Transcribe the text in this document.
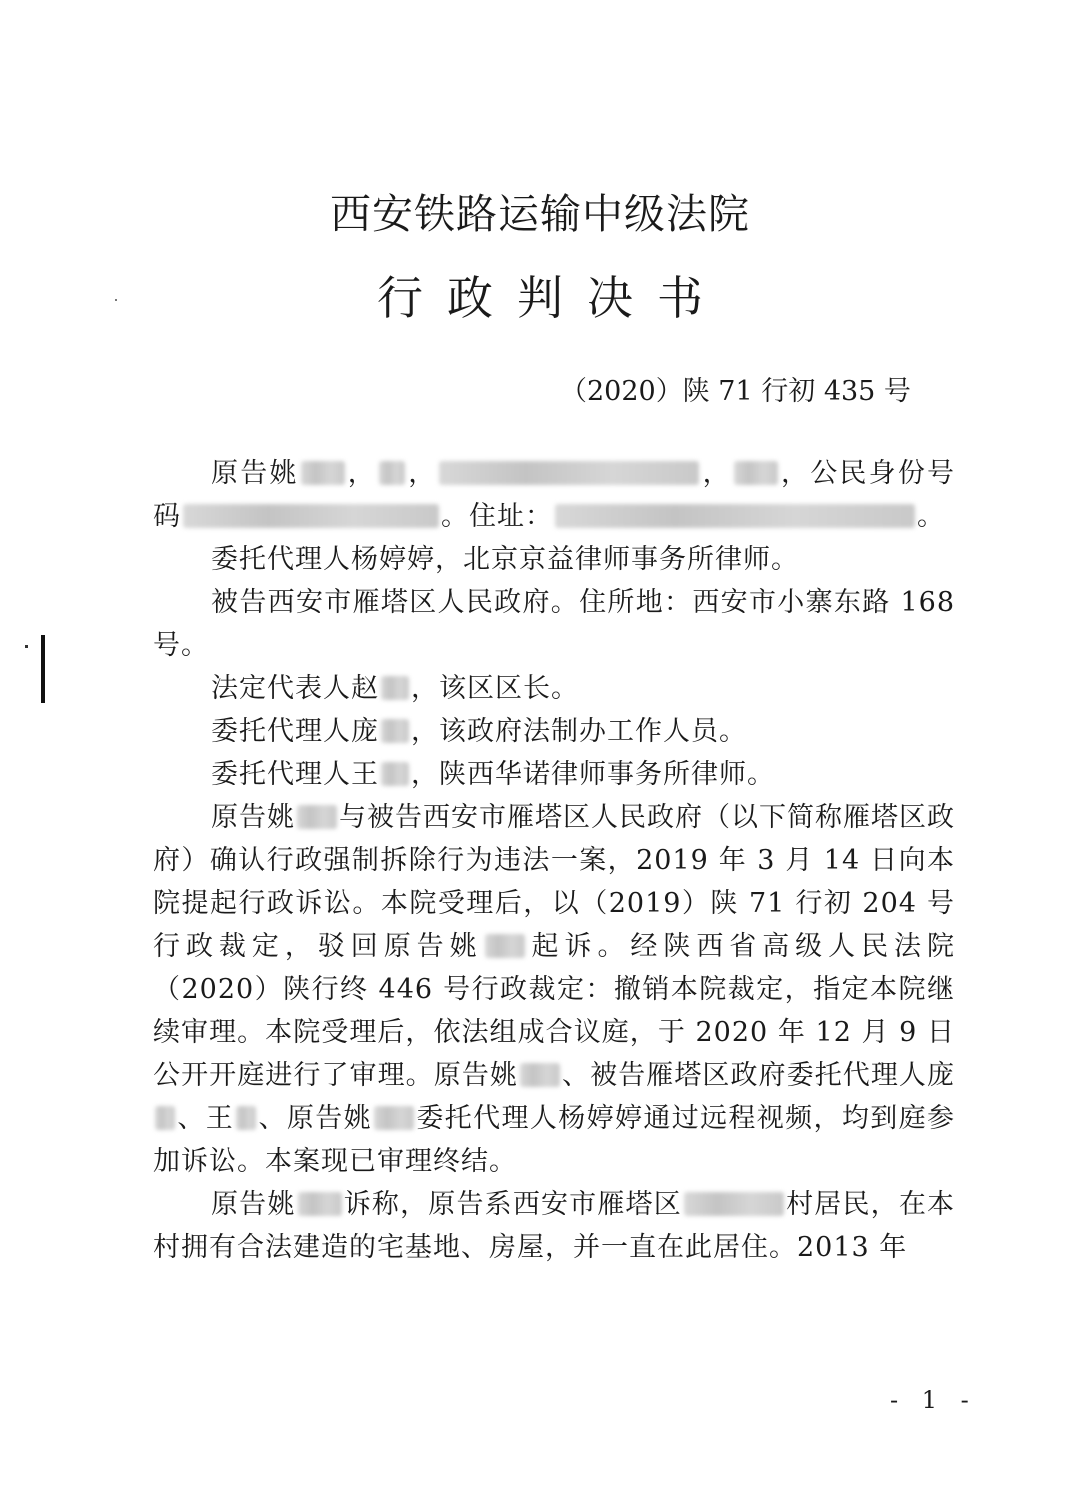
西安铁路运输中级法院
行政判决书
（2020）陕 71 行初 435 号

原告姚 ， ，	， ，公民身份号码	。住址：	。

委托代理人杨婷婷，北京京益律师事务所律师。

被告西安市雁塔区人民政府。住所地：西安市小寨东路 168 号。

法定代表人赵 ，该区区长。

委托代理人庞 ，该政府法制办工作人员。

委托代理人王 ，陕西华诺律师事务所律师。

原告姚 与被告西安市雁塔区人民政府（以下简称雁塔区政府）确认行政强制拆除行为违法一案，2019 年 3 月 14 日向本院提起行政诉讼。本院受理后，以（2019）陕 71 行初 204 号行政裁定，驳回原告姚 起诉。经陕西省高级人民法院（2020）陕行终 446 号行政裁定：撤销本院裁定，指定本院继续审理。本院受理后，依法组成合议庭，于 2020 年 12 月 9 日公开开庭进行了审理。原告姚 、被告雁塔区政府委托代理人庞、王 、原告姚 委托代理人杨婷婷通过远程视频，均到庭参加诉讼。本案现已审理终结。

原告姚 诉称，原告系西安市雁塔区	村居民，在本村拥有合法建造的宅基地、房屋，并一直在此居住。2013 年

- 1 -
